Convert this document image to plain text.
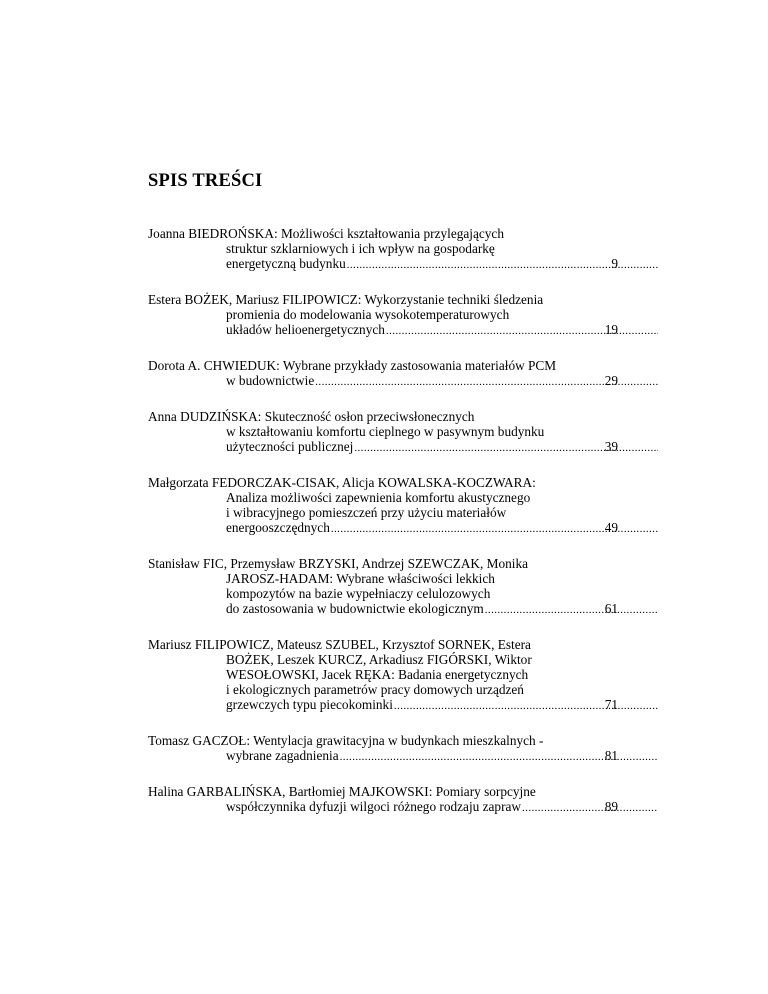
SPIS TREŚCI
Joanna BIEDROŃSKA: Możliwości kształtowania przylegających
struktur szklarniowych i ich wpływ na gospodarkę
energetyczną budynku .....	9
Estera BOŻEK, Mariusz FILIPOWICZ: Wykorzystanie techniki śledzenia
promienia do modelowania wysokotemperaturowych
układów helioenergetycznych .....	19
Dorota A. CHWIEDUK: Wybrane przykłady zastosowania materiałów PCM
w budownictwie .....	29
Anna DUDZIŃSKA: Skuteczność osłon przeciwsłonecznych
w kształtowaniu komfortu cieplnego w pasywnym budynku
użyteczności publicznej .....	39
Małgorzata FEDORCZAK-CISAK, Alicja KOWALSKA-KOCZWARA:
Analiza możliwości zapewnienia komfortu akustycznego
i wibracyjnego pomieszczeń przy użyciu materiałów
energooszczędnych .....	49
Stanisław FIC, Przemysław BRZYSKI, Andrzej SZEWCZAK, Monika
JAROSZ-HADAM: Wybrane właściwości lekkich
kompozytów na bazie wypełniaczy celulozowych
do zastosowania w budownictwie ekologicznym .....	61
Mariusz FILIPOWICZ, Mateusz SZUBEL, Krzysztof SORNEK, Estera
BOŻEK, Leszek KURCZ, Arkadiusz FIGÓRSKI, Wiktor
WESOŁOWSKI, Jacek RĘKA: Badania energetycznych
i ekologicznych parametrów pracy domowych urządzeń
grzewczych typu piecokominki .....	71
Tomasz GACZOŁ: Wentylacja grawitacyjna w budynkach mieszkalnych -
wybrane zagadnienia .....	81
Halina GARBALIŃSKA, Bartłomiej MAJKOWSKI: Pomiary sorpcyjne
współczynnika dyfuzji wilgoci różnego rodzaju zapraw .....	89
